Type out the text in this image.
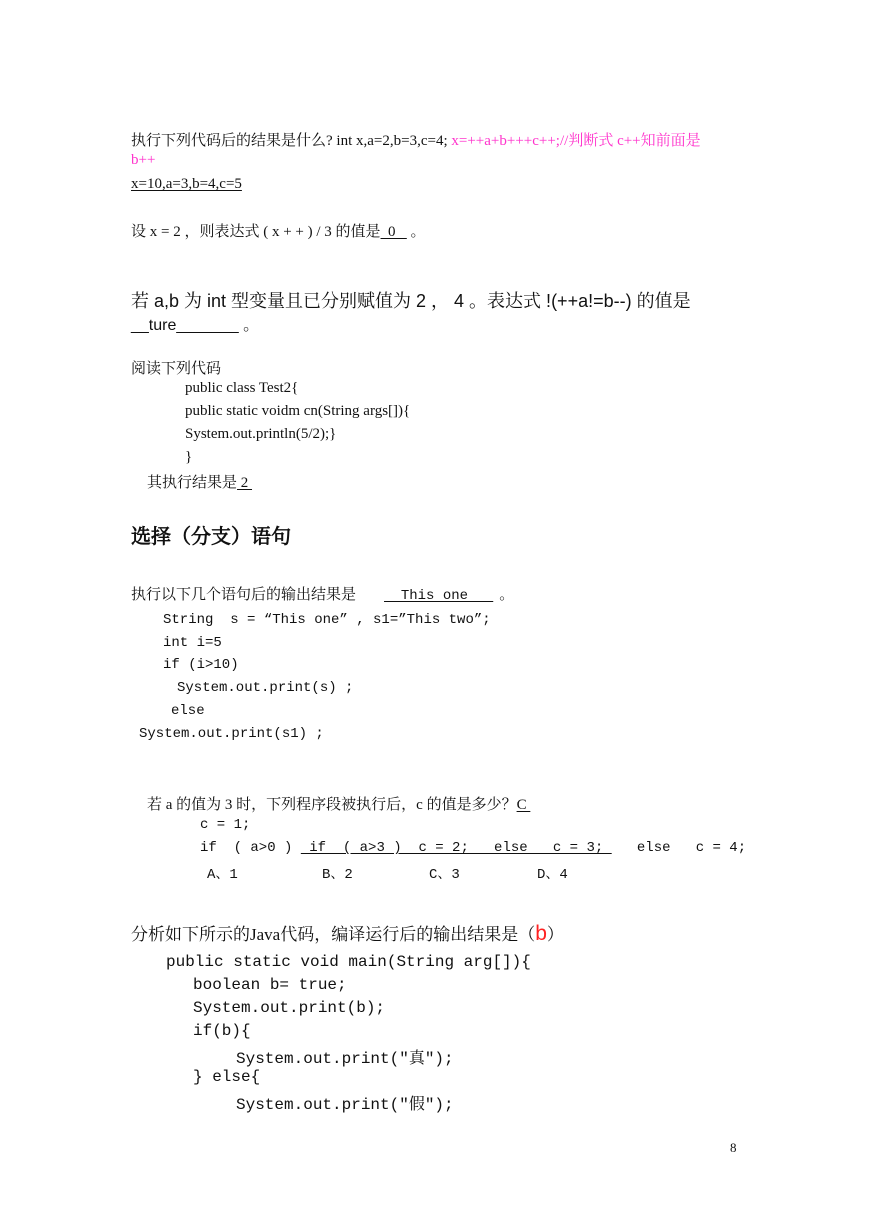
执行下列代码后的结果是什么? int x,a=2,b=3,c=4; x=++a+b+++c++;//判断式 c++知前面是
b++
x=10,a=3,b=4,c=5
设 x = 2 ，则表达式 ( x + + ) / 3 的值是  0    。
若 a,b 为 int 型变量且已分别赋值为 2 ， 4 。表达式 !(++a!=b--) 的值是
__ture_______ 。
阅读下列代码
public class Test2{
public static voidm cn(String args[]){
System.out.println(5/2);}
}
其执行结果是 2
选择（分支）语句
执行以下几个语句后的输出结果是  This one   。
String  s = “This one” , s1=”This two”;
int i=5
if (i>10)
System.out.print(s) ;
else
System.out.print(s1) ;
若 a 的值为 3 时，下列程序段被执行后，c 的值是多少？C
c = 1;
if  ( a>0 )  if  ( a>3 )  c = 2;   else   c = 3;    else   c = 4;
A、1	B、2	C、3	D、4
分析如下所示的Java代码，编译运行后的输出结果是（b）
public static void main(String arg[]){
boolean b= true;
System.out.print(b);
if(b){
System.out.print("真");
} else{
System.out.print("假");
8
